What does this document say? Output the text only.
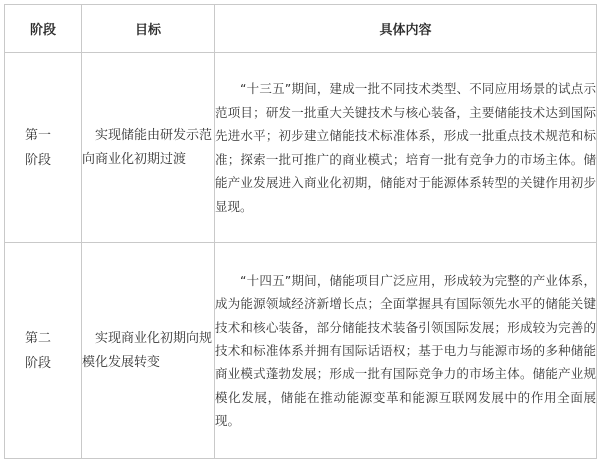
阶段	目标	具体内容
第一阶段	实现储能由研发示范向商业化初期过渡	“十三五”期间，建成一批不同技术类型、不同应用场景的试点示范项目；研发一批重大关键技术与核心装备，主要储能技术达到国际先进水平；初步建立储能技术标准体系，形成一批重点技术规范和标准；探索一批可推广的商业模式；培育一批有竞争力的市场主体。储能产业发展进入商业化初期，储能对于能源体系转型的关键作用初步显现。

第二阶段	实现商业化初期向规模化发展转变	“十四五”期间，储能项目广泛应用，形成较为完整的产业体系，成为能源领域经济新增长点；全面掌握具有国际领先水平的储能关键技术和核心装备，部分储能技术装备引领国际发展；形成较为完善的技术和标准体系并拥有国际话语权；基于电力与能源市场的多种储能商业模式蓬勃发展；形成一批有国际竞争力的市场主体。储能产业规模化发展，储能在推动能源变革和能源互联网发展中的作用全面展现。
